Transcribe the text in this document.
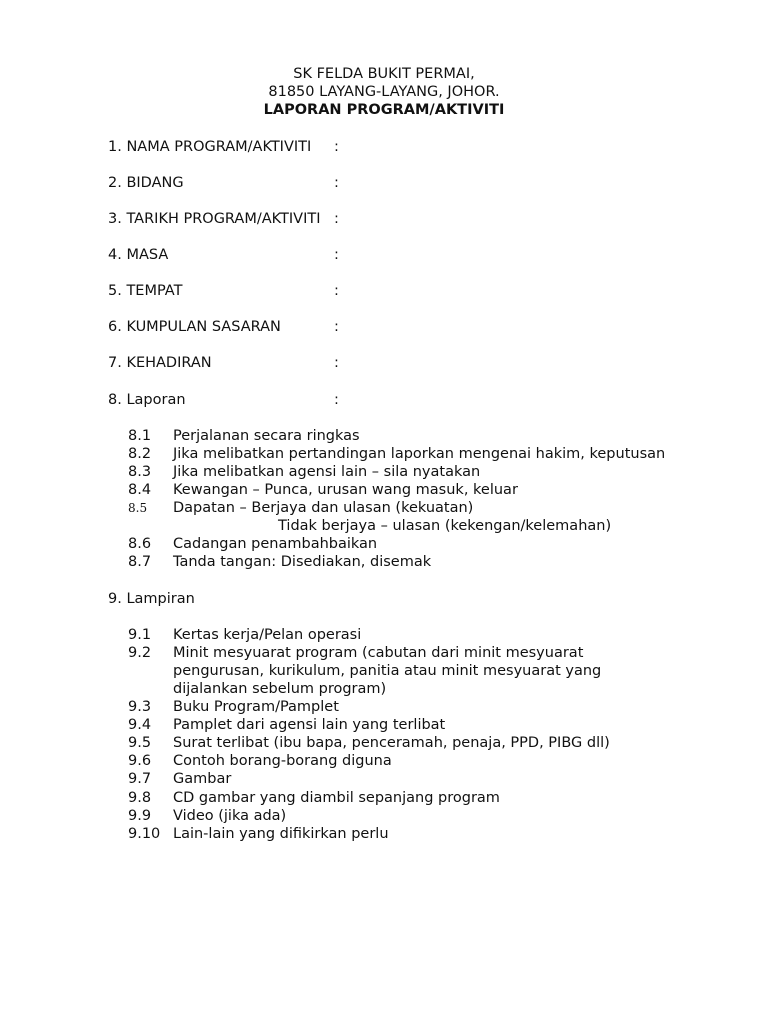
SK FELDA BUKIT PERMAI,
81850 LAYANG-LAYANG, JOHOR.
LAPORAN PROGRAM/AKTIVITI
1. NAMA PROGRAM/AKTIVITI :
2. BIDANG	:
3. TARIKH PROGRAM/AKTIVITI :
4. MASA	:
5. TEMPAT	:
6. KUMPULAN SASARAN	:
7. KEHADIRAN	:
8. Laporan	:
8.1 Perjalanan secara ringkas
8.2 Jika melibatkan pertandingan laporkan mengenai hakim, keputusan
8.3 Jika melibatkan agensi lain – sila nyatakan
8.4 Kewangan – Punca, urusan wang masuk, keluar
8.5 Dapatan – Berjaya dan ulasan (kekuatan)
Tidak berjaya – ulasan (kekengan/kelemahan)
8.6 Cadangan penambahbaikan
8.7 Tanda tangan: Disediakan, disemak
9. Lampiran
9.1 Kertas kerja/Pelan operasi
9.2 Minit mesyuarat program (cabutan dari minit mesyuarat
pengurusan, kurikulum, panitia atau minit mesyuarat yang
dijalankan sebelum program)
9.3 Buku Program/Pamplet
9.4 Pamplet dari agensi lain yang terlibat
9.5 Surat terlibat (ibu bapa, penceramah, penaja, PPD, PIBG dll)
9.6 Contoh borang-borang diguna
9.7 Gambar
9.8 CD gambar yang diambil sepanjang program
9.9 Video (jika ada)
9.10 Lain-lain yang difikirkan perlu
